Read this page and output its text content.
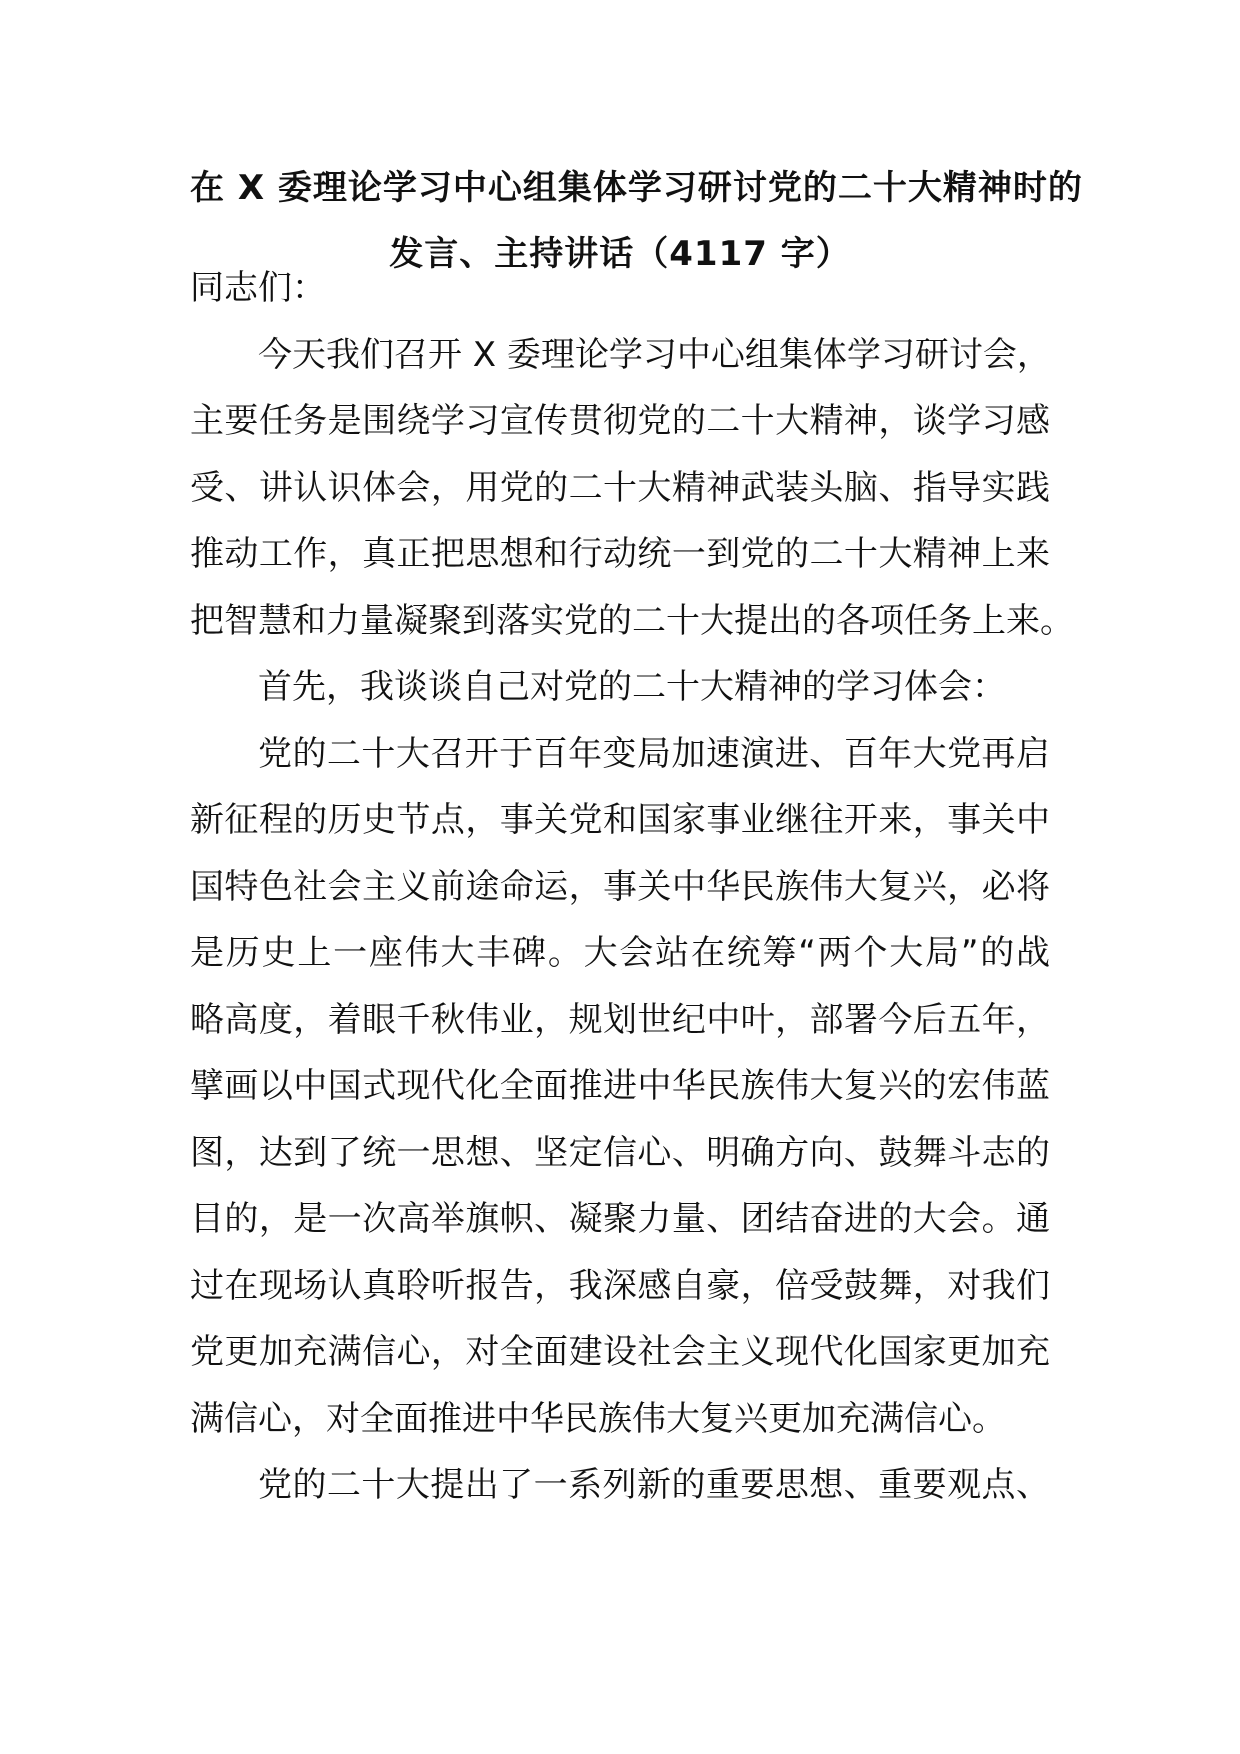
在 X 委理论学习中心组集体学习研讨党的二十大精神时的
发言、主持讲话（4117 字）
同志们：
今天我们召开 X 委理论学习中心组集体学习研讨会，
主要任务是围绕学习宣传贯彻党的二十大精神，谈学习感
受、讲认识体会，用党的二十大精神武装头脑、指导实践
推动工作，真正把思想和行动统一到党的二十大精神上来
把智慧和力量凝聚到落实党的二十大提出的各项任务上来。
首先，我谈谈自己对党的二十大精神的学习体会：
党的二十大召开于百年变局加速演进、百年大党再启
新征程的历史节点，事关党和国家事业继往开来，事关中
国特色社会主义前途命运，事关中华民族伟大复兴，必将
是历史上一座伟大丰碑。大会站在统筹“两个大局”的战
略高度，着眼千秋伟业，规划世纪中叶，部署今后五年，
擘画以中国式现代化全面推进中华民族伟大复兴的宏伟蓝
图，达到了统一思想、坚定信心、明确方向、鼓舞斗志的
目的，是一次高举旗帜、凝聚力量、团结奋进的大会。通
过在现场认真聆听报告，我深感自豪，倍受鼓舞，对我们
党更加充满信心，对全面建设社会主义现代化国家更加充
满信心，对全面推进中华民族伟大复兴更加充满信心。
党的二十大提出了一系列新的重要思想、重要观点、
